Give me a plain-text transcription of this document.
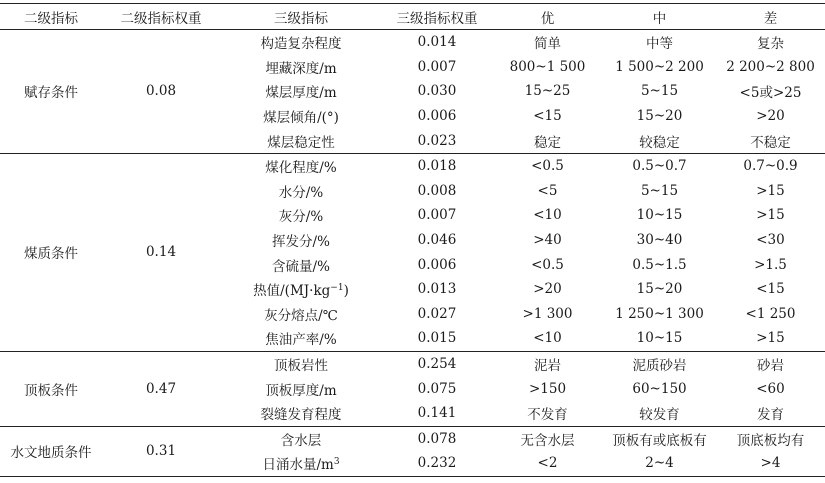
二级指标	二级指标权重	三级指标	三级指标权重	优	中	差
赋存条件	0.08	构造复杂程度	0.014	简单	中等	复杂
		埋藏深度/m	0.007	800~1 500	1 500~2 200	2 200~2 800
		煤层厚度/m	0.030	15~25	5~15	<5或>25
		煤层倾角/(°)	0.006	<15	15~20	>20
		煤层稳定性	0.023	稳定	较稳定	不稳定
煤质条件	0.14	煤化程度/%	0.018	<0.5	0.5~0.7	0.7~0.9
		水分/%	0.008	<5	5~15	>15
		灰分/%	0.007	<10	10~15	>15
		挥发分/%	0.046	>40	30~40	<30
		含硫量/%	0.006	<0.5	0.5~1.5	>1.5
		热值$/(MJ\cdot kg^{-1})$	0.013	>20	15~20	<15
		灰分熔点/℃	0.027	>1 300	1 250~1 300	<1 250
		焦油产率/%	0.015	<10	10~15	>15
顶板条件	0.47	顶板岩性	0.254	泥岩	泥质砂岩	砂岩
		顶板厚度/m	0.075	>150	60~150	<60
		裂缝发育程度	0.141	不发育	较发育	发育
水文地质条件	0.31	含水层	0.078	无含水层	顶板有或底板有	顶底板均有
		日涌水量$/m^3$	0.232	<2	2~4	>4
